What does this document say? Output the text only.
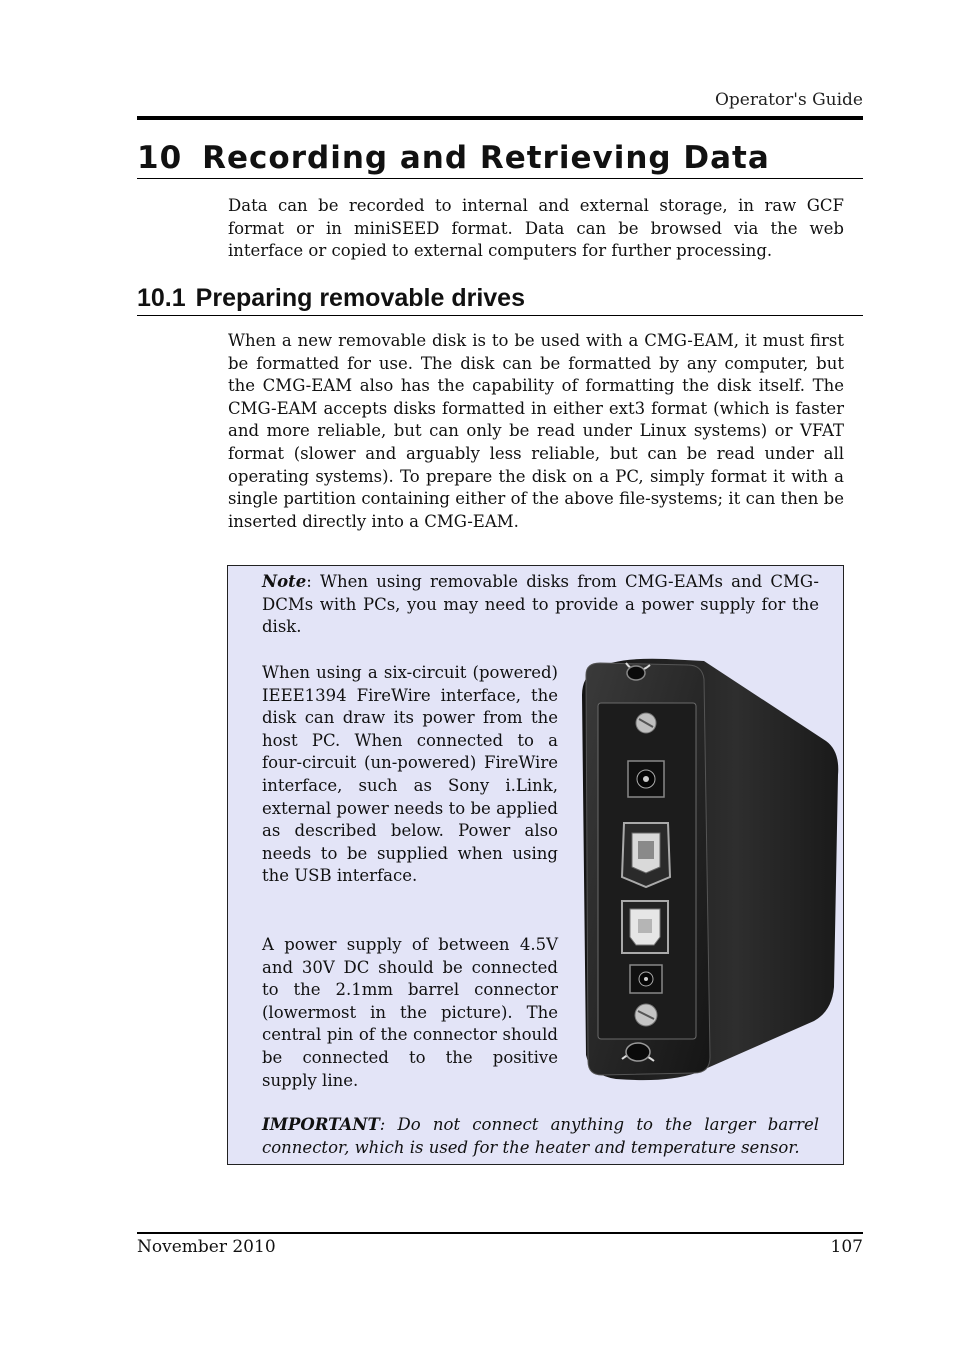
Operator's Guide
10 Recording and Retrieving Data

Data can be recorded to internal and external storage, in raw GCF format or in miniSEED format. Data can be browsed via the web interface or copied to external computers for further processing.

10.1 Preparing removable drives

When a new removable disk is to be used with a CMG-EAM, it must first be formatted for use. The disk can be formatted by any computer, but the CMG-EAM also has the capability of formatting the disk itself. The CMG-EAM accepts disks formatted in either ext3 format (which is faster and more reliable, but can only be read under Linux systems) or VFAT format (slower and arguably less reliable, but can be read under all operating systems). To prepare the disk on a PC, simply format it with a single partition containing either of the above file-systems; it can then be inserted directly into a CMG-EAM.

Note: When using removable disks from CMG-EAMs and CMG-DCMs with PCs, you may need to provide a power supply for the disk.

When using a six-circuit (powered) IEEE1394 FireWire interface, the disk can draw its power from the host PC. When connected to a four-circuit (un-powered) FireWire interface, such as Sony i.Link, external power needs to be applied as described below. Power also needs to be supplied when using the USB interface.

A power supply of between 4.5V and 30V DC should be connected to the 2.1mm barrel connector (lowermost in the picture). The central pin of the connector should be connected to the positive supply line.

IMPORTANT: Do not connect anything to the larger barrel connector, which is used for the heater and temperature sensor.

November 2010	107
